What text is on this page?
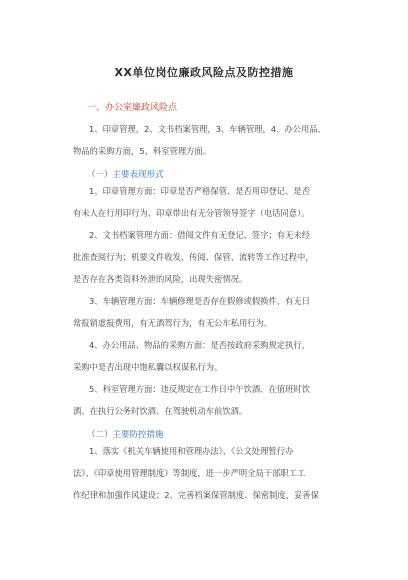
XX单位岗位廉政风险点及防控措施
一、办公室廉政风险点
1、印章管理，2、文书档案管理，3、车辆管理，4、办公用品、
物品的采购方面，5、科室管理方面。
（一）主要表现形式
1、印章管理方面：印章是否严格保管、是否用印登记、是否
有未人在行用印行为、印章带出有无分管领导签字（电话同意）。
2、文书档案管理方面：借阅文件有无登记、签字；有无未经
批准查阅行为；机要文件收发、传阅、保管、流转等工作过程中，
是否存在各类资料外泄的风险，出现失密情况。
3、车辆管理方面：车辆修理是否存在假修或假换件，有无日
常报销虚报费用，有无酒驾行为，有无公车私用行为。
4、办公用品、物品的采购方面：是否按政府采购规定执行，
采购中是否出现中饱私囊以权谋私行为。
5、科室管理方面：违反规定在工作日中午饮酒、在值班时饮
酒、在执行公务时饮酒、在驾驶机动车前饮酒。
（二）主要防控措施
1、落实《机关车辆使用和管理办法》、《公文处理暂行办
法》、《印章使用管理制度》等制度，进一步严明全局干部职工工
作纪律和加强作风建设；2、完善档案保管制度、保密制度，妥善保
